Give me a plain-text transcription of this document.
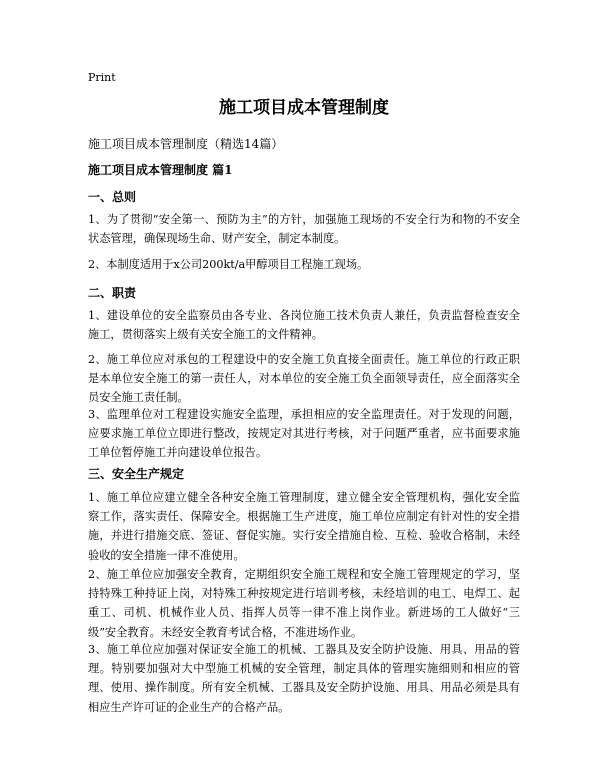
Print
施工项目成本管理制度
施工项目成本管理制度（精选14篇）
施工项目成本管理制度 篇1
一、总则
1、为了贯彻“安全第一、预防为主”的方针，加强施工现场的不安全行为和物的不安全状态管理，确保现场生命、财产安全，制定本制度。
2、本制度适用于x公司200kt/a甲醇项目工程施工现场。
二、职责
1、建设单位的安全监察员由各专业、各岗位施工技术负责人兼任，负责监督检查安全施工，贯彻落实上级有关安全施工的文件精神。
2、施工单位应对承包的工程建设中的安全施工负直接全面责任。施工单位的行政正职是本单位安全施工的第一责任人，对本单位的安全施工负全面领导责任，应全面落实全员安全施工责任制。
3、监理单位对工程建设实施安全监理，承担相应的安全监理责任。对于发现的问题，应要求施工单位立即进行整改，按规定对其进行考核，对于问题严重者，应书面要求施工单位暂停施工并向建设单位报告。
三、安全生产规定
1、施工单位应建立健全各种安全施工管理制度，建立健全安全管理机构，强化安全监察工作，落实责任、保障安全。根据施工生产进度，施工单位应制定有针对性的安全措施，并进行措施交底、签证、督促实施。实行安全措施自检、互检、验收合格制，未经验收的安全措施一律不准使用。
2、施工单位应加强安全教育，定期组织安全施工规程和安全施工管理规定的学习，坚持特殊工种持证上岗，对特殊工种按规定进行培训考核，未经培训的电工、电焊工、起重工、司机、机械作业人员、指挥人员等一律不准上岗作业。新进场的工人做好“三级”安全教育。未经安全教育考试合格，不准进场作业。
3、施工单位应加强对保证安全施工的机械、工器具及安全防护设施、用具、用品的管理。特别要加强对大中型施工机械的安全管理，制定具体的管理实施细则和相应的管理、使用、操作制度。所有安全机械、工器具及安全防护设施、用具、用品必须是具有相应生产许可证的企业生产的合格产品。
